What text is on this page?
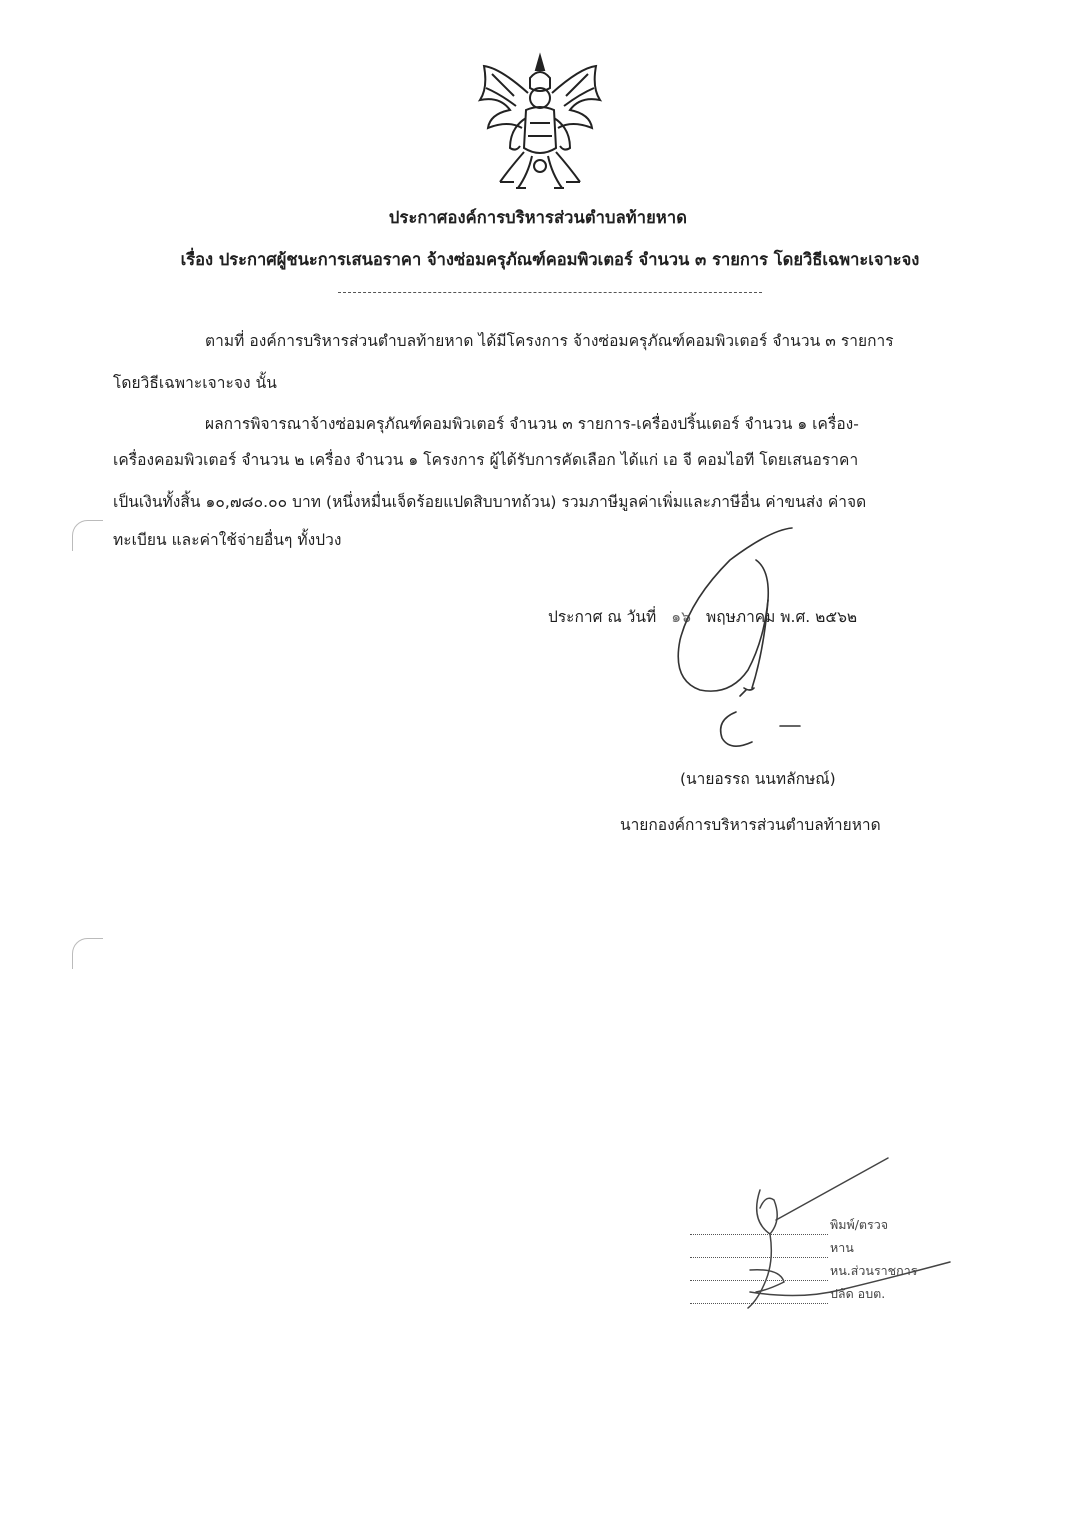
ประกาศองค์การบริหารส่วนตำบลท้ายหาด
เรื่อง ประกาศผู้ชนะการเสนอราคา จ้างซ่อมครุภัณฑ์คอมพิวเตอร์ จำนวน ๓ รายการ โดยวิธีเฉพาะเจาะจง
ตามที่ องค์การบริหารส่วนตำบลท้ายหาด ได้มีโครงการ จ้างซ่อมครุภัณฑ์คอมพิวเตอร์ จำนวน ๓ รายการ
โดยวิธีเฉพาะเจาะจง นั้น
ผลการพิจารณาจ้างซ่อมครุภัณฑ์คอมพิวเตอร์ จำนวน ๓ รายการ-เครื่องปริ้นเตอร์ จำนวน ๑ เครื่อง-
เครื่องคอมพิวเตอร์ จำนวน ๒ เครื่อง จำนวน ๑ โครงการ ผู้ได้รับการคัดเลือก ได้แก่ เอ จี คอมไอที โดยเสนอราคา
เป็นเงินทั้งสิ้น ๑๐,๗๘๐.๐๐ บาท (หนึ่งหมื่นเจ็ดร้อยแปดสิบบาทถ้วน) รวมภาษีมูลค่าเพิ่มและภาษีอื่น ค่าขนส่ง ค่าจด
ทะเบียน และค่าใช้จ่ายอื่นๆ ทั้งปวง
ประกาศ ณ วันที่ ๑๖ พฤษภาคม พ.ศ. ๒๕๖๒
(นายอรรถ นนทลักษณ์)
นายกองค์การบริหารส่วนตำบลท้ายหาด
พิมพ์/ตรวจ
หาน
หน.ส่วนราชการ
ปลัด อบต.
